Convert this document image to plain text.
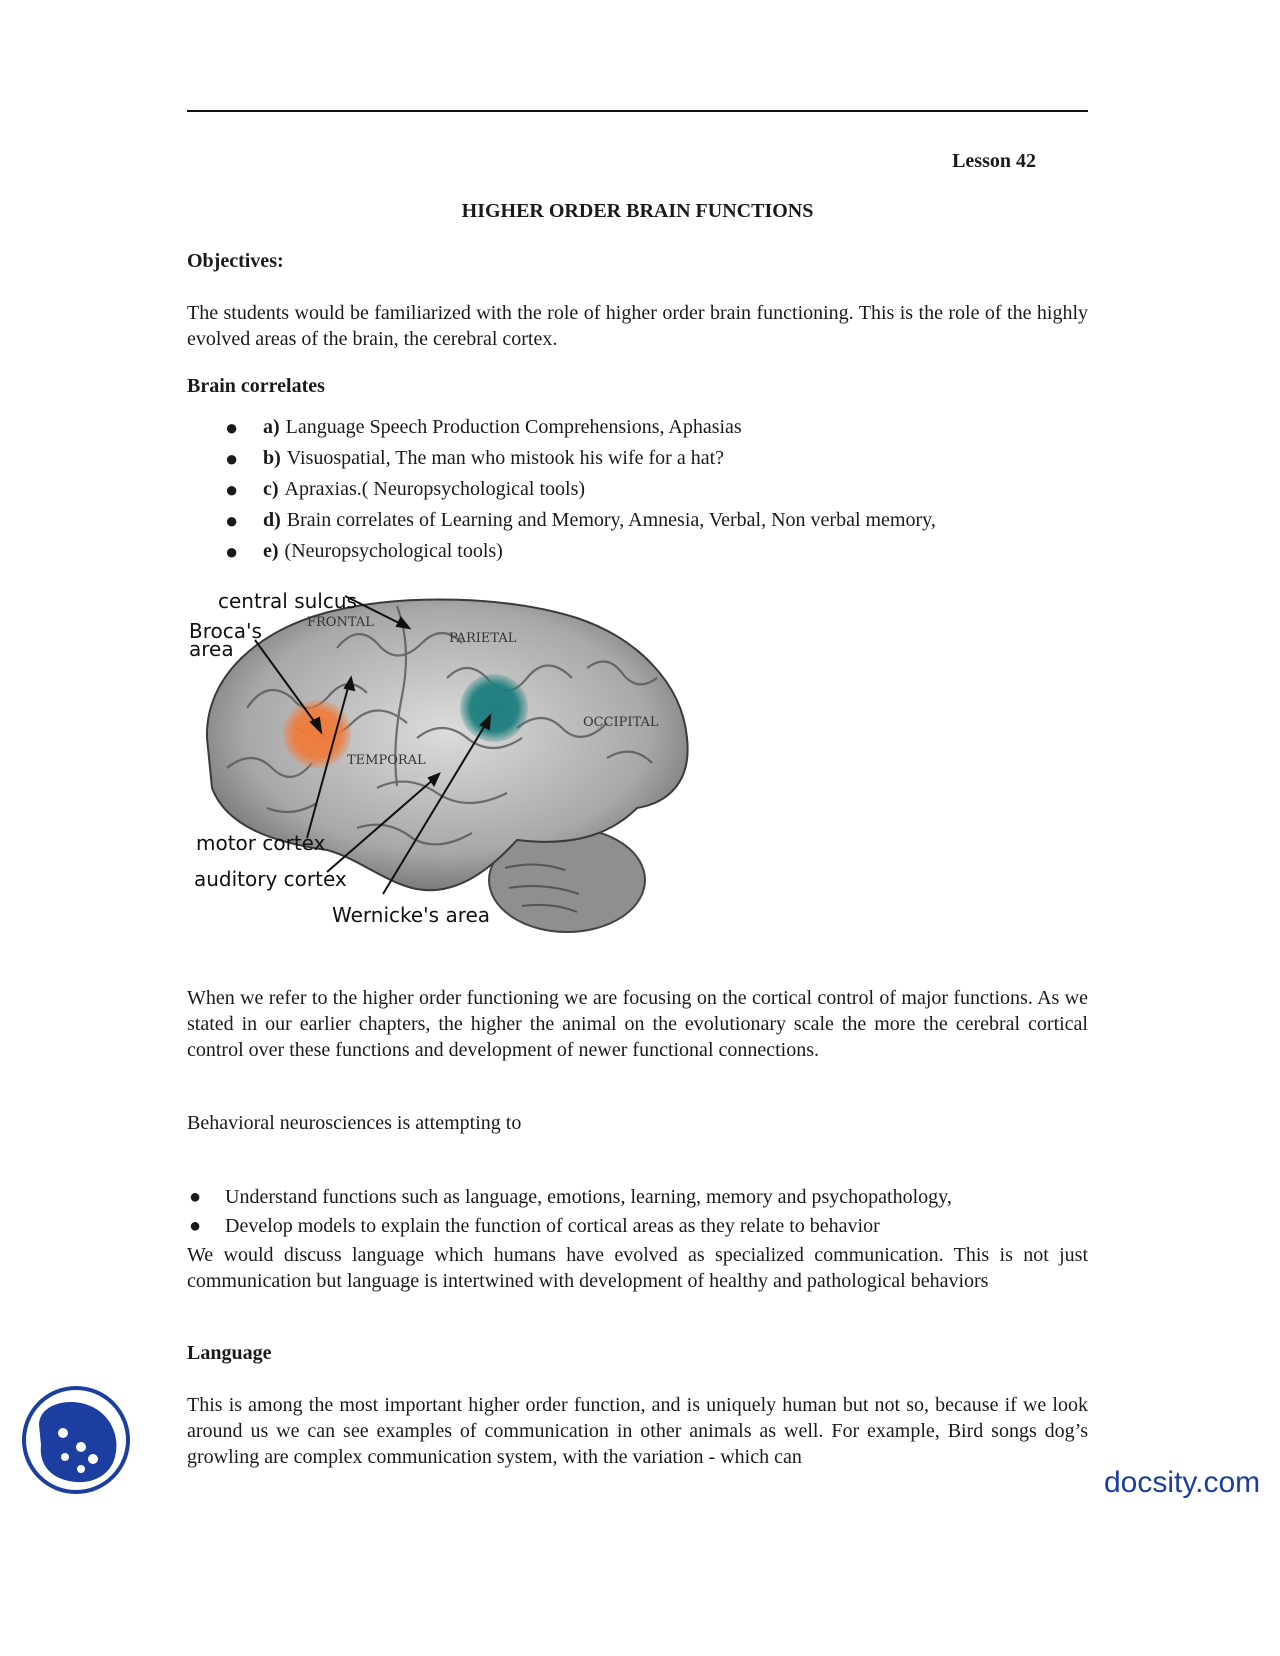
Lesson 42
HIGHER ORDER BRAIN FUNCTIONS
Objectives:
The students would be familiarized with the role of higher order brain functioning. This is the role of the highly evolved areas of the brain, the cerebral cortex.
Brain correlates
● a) Language Speech Production Comprehensions, Aphasias
● b) Visuospatial, The man who mistook his wife for a hat?
● c) Apraxias.( Neuropsychological tools)
● d) Brain correlates of Learning and Memory, Amnesia, Verbal, Non verbal memory,
● e) (Neuropsychological tools)
FRONTAL
PARIETAL
OCCIPITAL
TEMPORAL
central sulcus
Broca's
area
motor cortex
auditory cortex
Wernicke's area
When we refer to the higher order functioning we are focusing on the cortical control of major functions. As we stated in our earlier chapters, the higher the animal on the evolutionary scale the more the cerebral cortical control over these functions and development of newer functional connections.
Behavioral neurosciences is attempting to
● Understand functions such as language, emotions, learning, memory and psychopathology,
● Develop models to explain the function of cortical areas as they relate to behavior
We would discuss language which humans have evolved as specialized communication. This is not just communication but language is intertwined with development of healthy and pathological behaviors
Language
This is among the most important higher order function, and is uniquely human but not so, because if we look around us we can see examples of communication in other animals as well. For example, Bird songs dog’s growling are complex communication system, with the variation - which can
docsity.com
